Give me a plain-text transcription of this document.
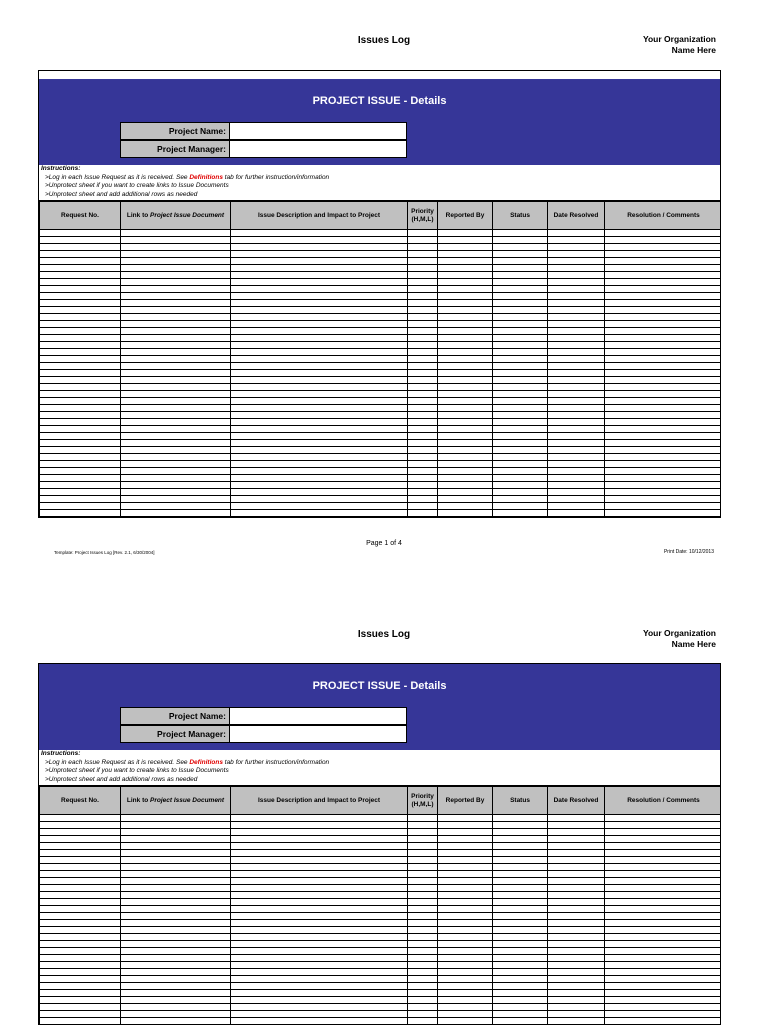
Issues Log	Your Organization
Name Here
PROJECT ISSUE - Details
Project Name:
Project Manager:
Instructions:
>Log in each Issue Request as it is received. See Definitions tab for further instruction/information
>Unprotect sheet if you want to create links to Issue Documents
>Unprotect sheet and add additional rows as needed
Request No.	Link to Project Issue Document	Issue Description and Impact to Project	Priority (H,M,L)	Reported By	Status	Date Resolved	Resolution / Comments

Page 1 of 4
Template: Project Issues Log [Rev. 2.1, 6/30/2004]	Print Date: 10/12/2013
Issues Log	Your Organization
Name Here
PROJECT ISSUE - Details
Project Name:
Project Manager:
Instructions:
>Log in each Issue Request as it is received. See Definitions tab for further instruction/information
>Unprotect sheet if you want to create links to Issue Documents
>Unprotect sheet and add additional rows as needed
Request No.	Link to Project Issue Document	Issue Description and Impact to Project	Priority (H,M,L)	Reported By	Status	Date Resolved	Resolution / Comments
